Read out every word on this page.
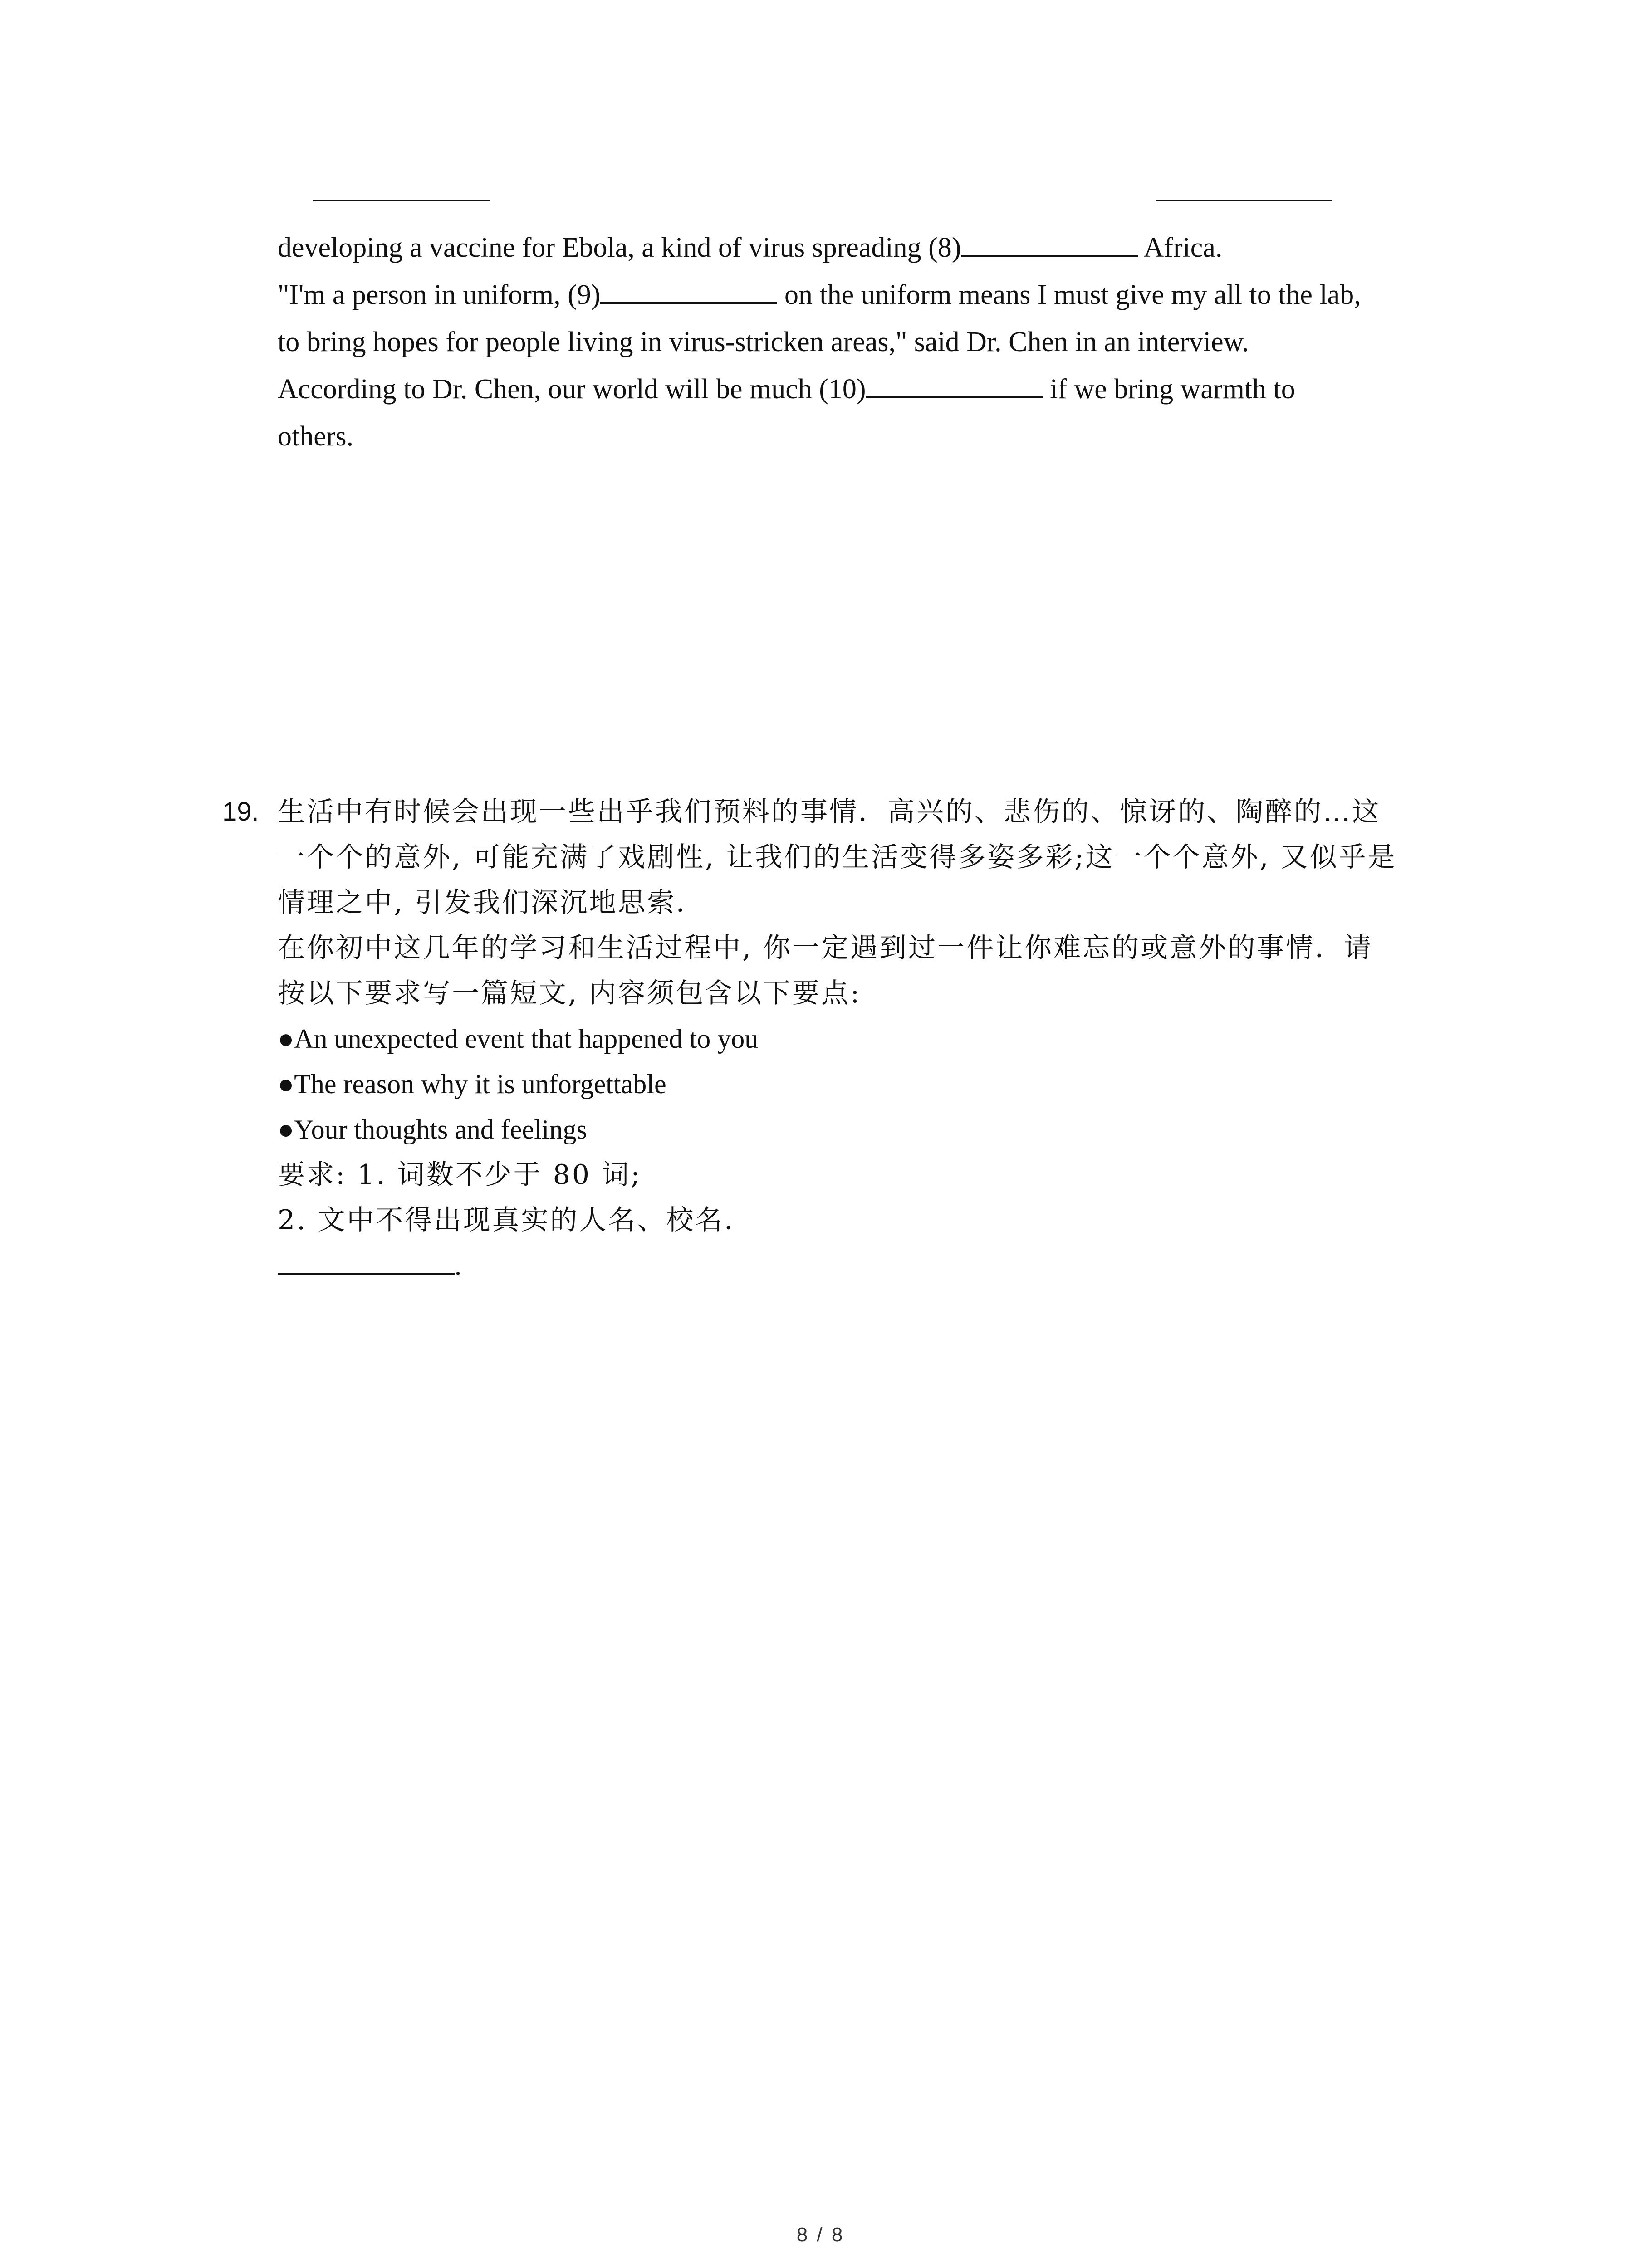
developing a vaccine for Ebola, a kind of virus spreading (8)	Africa.

"I'm a person in uniform, (9)	on the uniform means I must give my all to the lab,

to bring hopes for people living in virus-stricken areas," said Dr. Chen in an interview.

According to Dr. Chen, our world will be much (10)	if we bring warmth to

others.

19. 生活中有时候会出现一些出乎我们预料的事情．高兴的、悲伤的、惊讶的、陶醉的…这

一个个的意外, 可能充满了戏剧性, 让我们的生活变得多姿多彩;这一个个意外, 又似乎是

情理之中, 引发我们深沉地思索．

在你初中这几年的学习和生活过程中, 你一定遇到过一件让你难忘的或意外的事情．请

按以下要求写一篇短文, 内容须包含以下要点:

●An unexpected event that happened to you

●The reason why it is unforgettable

●Your thoughts and feelings

要求: 1. 词数不少于 80 词;

2. 文中不得出现真实的人名、校名．

.

8 / 8
